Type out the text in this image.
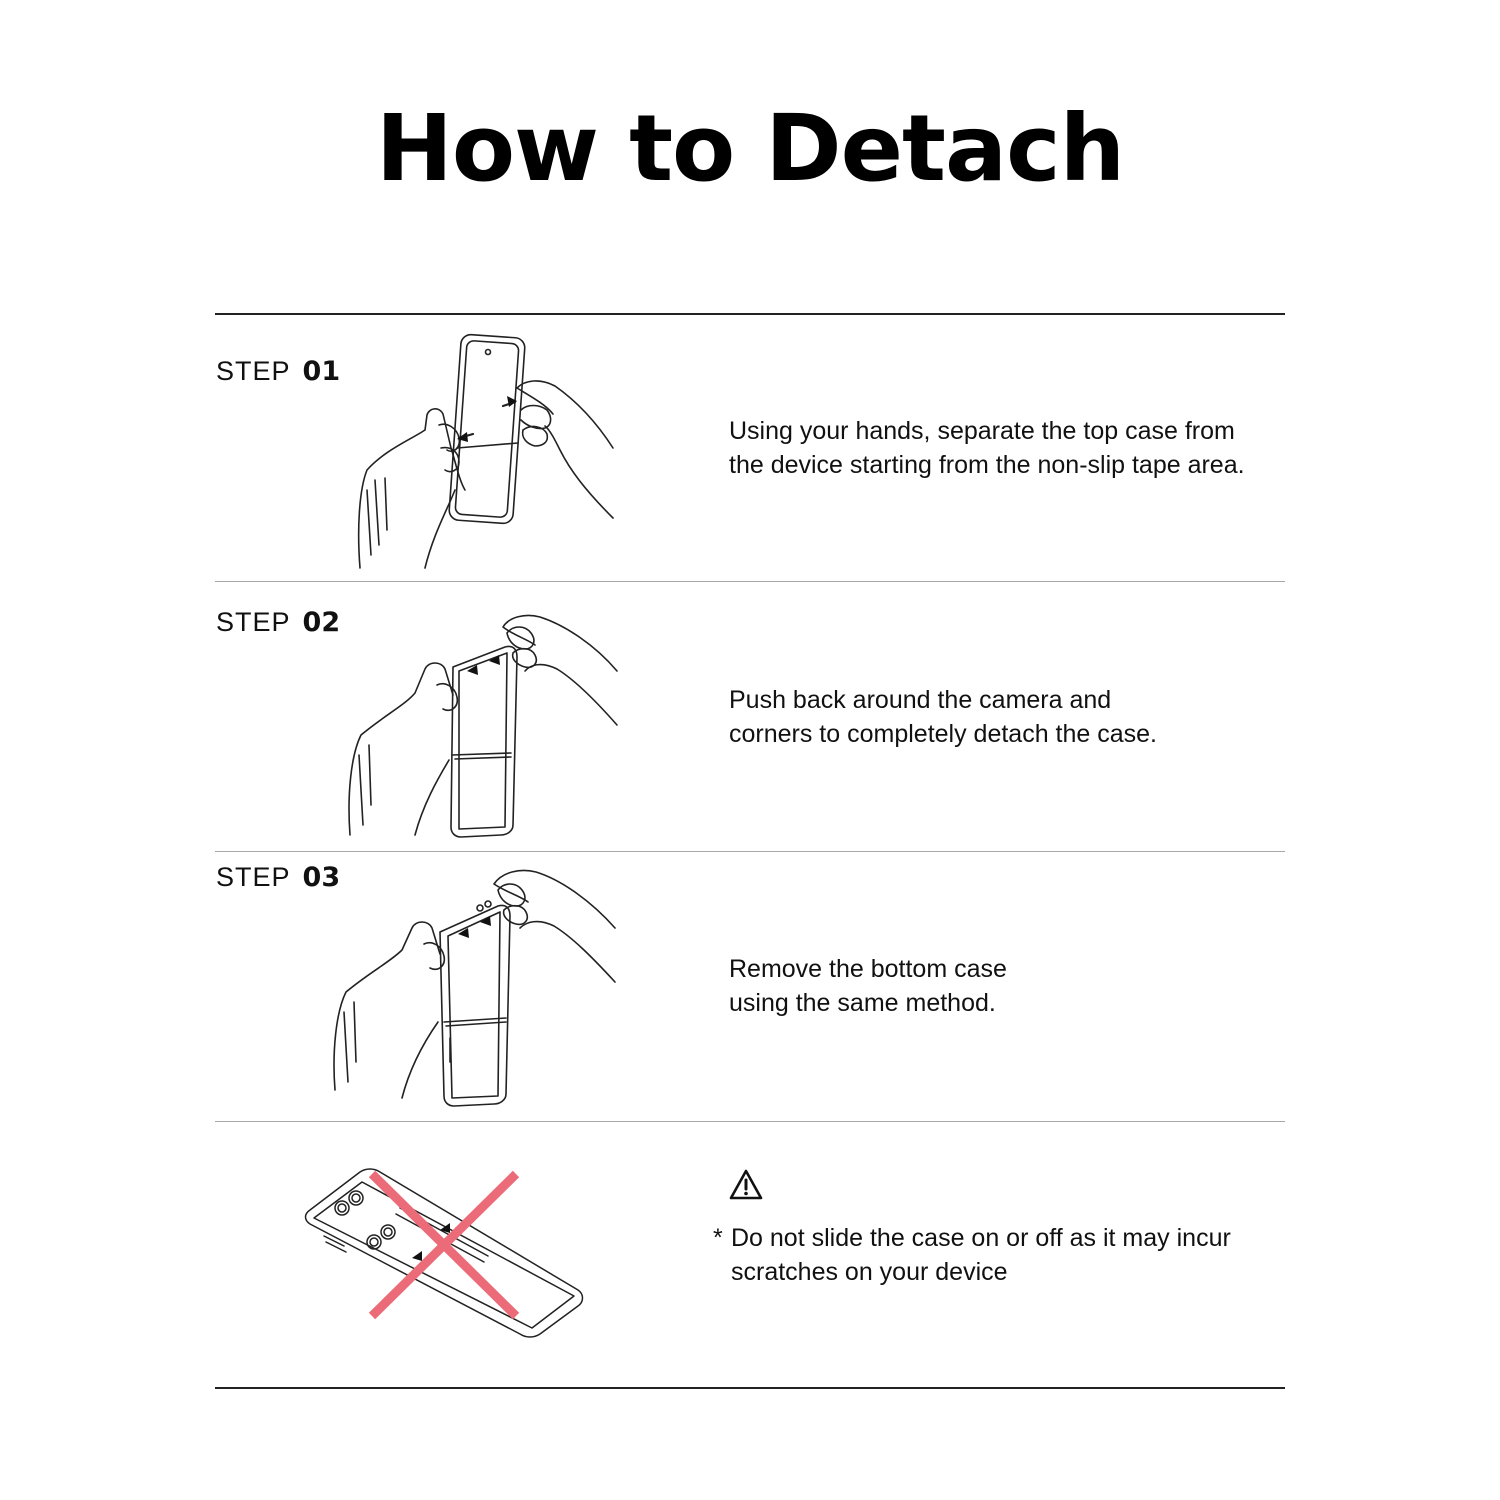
How to Detach
STEP 01
Using your hands, separate the top case from
the device starting from the non-slip tape area.
STEP 02
Push back around the camera and
corners to completely detach the case.
STEP 03
Remove the bottom case
using the same method.
* Do not slide the case on or off as it may incur
scratches on your device
